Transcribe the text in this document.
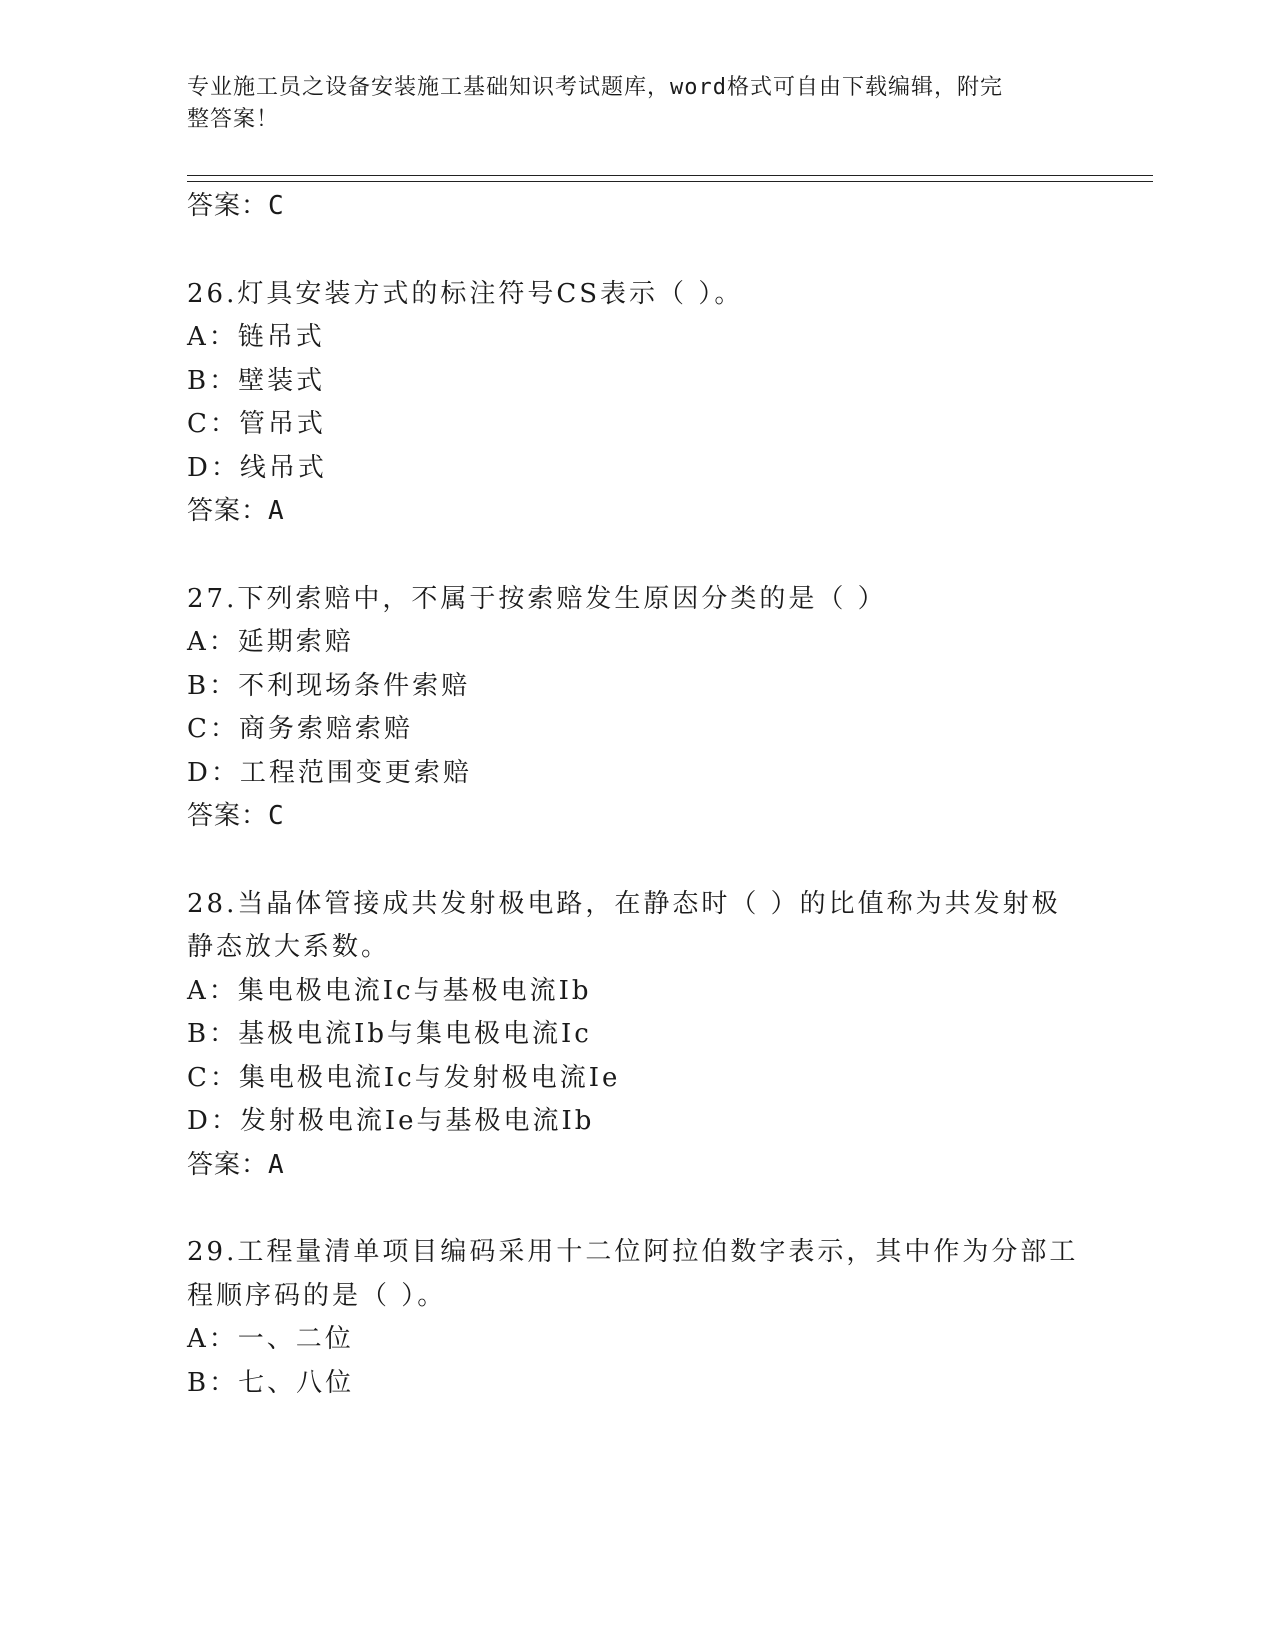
专业施工员之设备安装施工基础知识考试题库，word格式可自由下载编辑，附完
整答案！
答案：C
26.灯具安装方式的标注符号CS表示（ ）。
A：链吊式
B：壁装式
C：管吊式
D：线吊式
答案：A
27.下列索赔中，不属于按索赔发生原因分类的是（ ）
A：延期索赔
B：不利现场条件索赔
C：商务索赔索赔
D：工程范围变更索赔
答案：C
28.当晶体管接成共发射极电路，在静态时（ ）的比值称为共发射极
静态放大系数。
A：集电极电流Ic与基极电流Ib
B：基极电流Ib与集电极电流Ic
C：集电极电流Ic与发射极电流Ie
D：发射极电流Ie与基极电流Ib
答案：A
29.工程量清单项目编码采用十二位阿拉伯数字表示，其中作为分部工
程顺序码的是（ ）。
A：一、二位
B：七、八位
